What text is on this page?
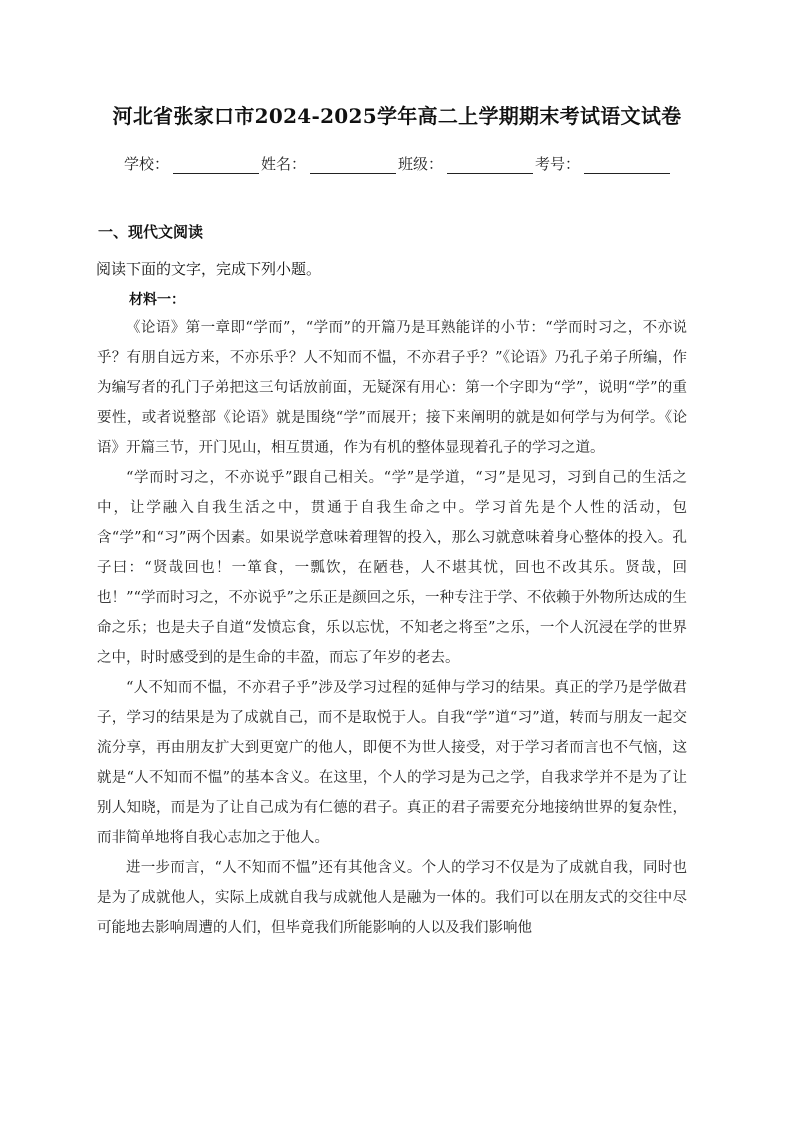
河北省张家口市2024-2025学年高二上学期期末考试语文试卷
学校：	姓名：	班级：	考号：
一、现代文阅读
阅读下面的文字，完成下列小题。
材料一：

《论语》第一章即“学而”，“学而”的开篇乃是耳熟能详的小节：“学而时习之，不亦说乎？有朋自远方来，不亦乐乎？人不知而不愠，不亦君子乎？”《论语》乃孔子弟子所编，作为编写者的孔门子弟把这三句话放前面，无疑深有用心：第一个字即为“学”，说明“学”的重要性，或者说整部《论语》就是围绕“学”而展开；接下来阐明的就是如何学与为何学。《论语》开篇三节，开门见山，相互贯通，作为有机的整体显现着孔子的学习之道。

“学而时习之，不亦说乎”跟自己相关。“学”是学道，“习”是见习，习到自己的生活之中，让学融入自我生活之中，贯通于自我生命之中。学习首先是个人性的活动，包含“学”和“习”两个因素。如果说学意味着理智的投入，那么习就意味着身心整体的投入。孔子曰：“贤哉回也！一箪食，一瓢饮，在陋巷，人不堪其忧，回也不改其乐。贤哉，回也！”“学而时习之，不亦说乎”之乐正是颜回之乐，一种专注于学、不依赖于外物所达成的生命之乐；也是夫子自道“发愤忘食，乐以忘忧，不知老之将至”之乐，一个人沉浸在学的世界之中，时时感受到的是生命的丰盈，而忘了年岁的老去。

“人不知而不愠，不亦君子乎”涉及学习过程的延伸与学习的结果。真正的学乃是学做君子，学习的结果是为了成就自己，而不是取悦于人。自我“学”道“习”道，转而与朋友一起交流分享，再由朋友扩大到更宽广的他人，即便不为世人接受，对于学习者而言也不气恼，这就是“人不知而不愠”的基本含义。在这里，个人的学习是为己之学，自我求学并不是为了让别人知晓，而是为了让自己成为有仁德的君子。真正的君子需要充分地接纳世界的复杂性，而非简单地将自我心志加之于他人。

进一步而言，“人不知而不愠”还有其他含义。个人的学习不仅是为了成就自我，同时也是为了成就他人，实际上成就自我与成就他人是融为一体的。我们可以在朋友式的交往中尽可能地去影响周遭的人们，但毕竟我们所能影响的人以及我们影响他
